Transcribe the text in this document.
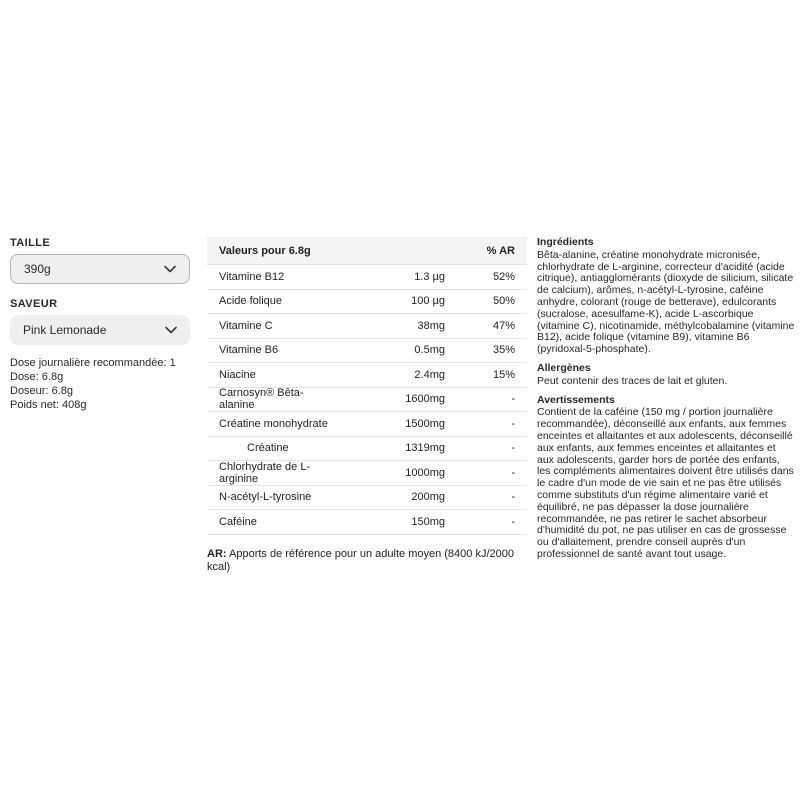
TAILLE
390g
SAVEUR
Pink Lemonade
Dose journalière recommandée: 1
Dose: 6.8g
Doseur: 6.8g
Poids net: 408g
Valeurs pour 6.8g	% AR
Vitamine B12	1.3 µg	52%
Acide folique	100 µg	50%
Vitamine C	38mg	47%
Vitamine B6	0.5mg	35%
Niacine	2.4mg	15%
Carnosyn® Bêta-alanine	1600mg	-
Créatine monohydrate	1500mg	-
Créatine	1319mg	-
Chlorhydrate de L-arginine	1000mg	-
N-acétyl-L-tyrosine	200mg	-
Caféine	150mg	-
AR: Apports de référence pour un adulte moyen (8400 kJ/2000 kcal)
Ingrédients
Bêta-alanine, créatine monohydrate micronisée, chlorhydrate de L-arginine, correcteur d'acidité (acide citrique), antiagglomérants (dioxyde de silicium, silicate de calcium), arômes, n-acétyl-L-tyrosine, caféine anhydre, colorant (rouge de betterave), edulcorants (sucralose, acesulfame-K), acide L-ascorbique (vitamine C), nicotinamide, méthylcobalamine (vitamine B12), acide folique (vitamine B9), vitamine B6 (pyridoxal-5-phosphate).
Allergènes
Peut contenir des traces de lait et gluten.
Avertissements
Contient de la caféine (150 mg / portion journalière recommandée), déconseillé aux enfants, aux femmes enceintes et allaitantes et aux adolescents, déconseillé aux enfants, aux femmes enceintes et allaitantes et aux adolescents, garder hors de portée des enfants, les compléments alimentaires doivent être utilisés dans le cadre d'un mode de vie sain et ne pas être utilisés comme substituts d'un régime alimentaire varié et équilibré, ne pas dépasser la dose journalière recommandée, ne pas retirer le sachet absorbeur d'humidité du pot, ne pas utiliser en cas de grossesse ou d'allaitement, prendre conseil auprès d'un professionnel de santé avant tout usage.
